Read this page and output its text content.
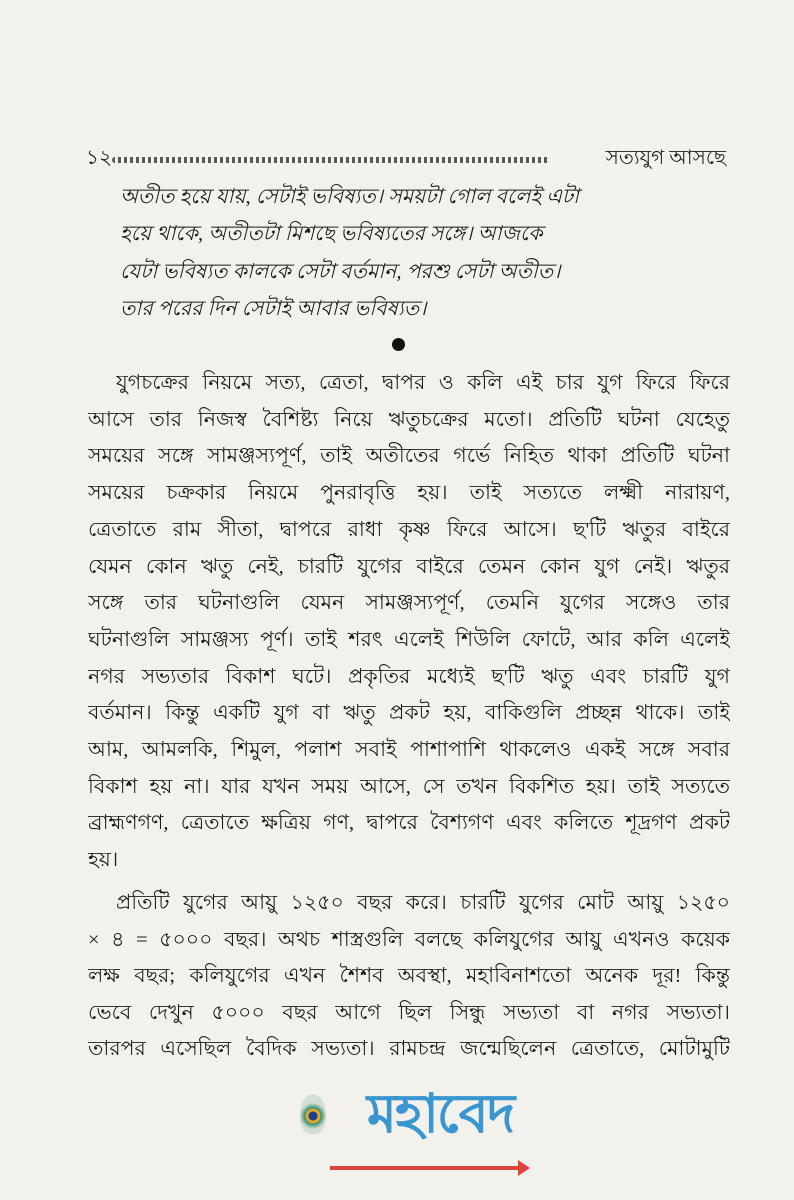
১২	সত্যযুগ আসছে
অতীত হয়ে যায়, সেটাই ভবিষ্যত। সময়টা গোল বলেই এটা
হয়ে থাকে, অতীতটা মিশছে ভবিষ্যতের সঙ্গে। আজকে
যেটা ভবিষ্যত কালকে সেটা বর্তমান, পরশু সেটা অতীত।
তার পরের দিন সেটাই আবার ভবিষ্যত।
যুগচক্রের নিয়মে সত্য, ত্রেতা, দ্বাপর ও কলি এই চার যুগ ফিরে ফিরে
আসে তার নিজস্ব বৈশিষ্ট্য নিয়ে ঋতুচক্রের মতো। প্রতিটি ঘটনা যেহেতু
সময়ের সঙ্গে সামঞ্জস্যপূর্ণ, তাই অতীতের গর্ভে নিহিত থাকা প্রতিটি ঘটনা
সময়ের চক্রকার নিয়মে পুনরাবৃত্তি হয়। তাই সত্যতে লক্ষ্মী নারায়ণ,
ত্রেতাতে রাম সীতা, দ্বাপরে রাধা কৃষ্ণ ফিরে আসে। ছ'টি ঋতুর বাইরে
যেমন কোন ঋতু নেই, চারটি যুগের বাইরে তেমন কোন যুগ নেই। ঋতুর
সঙ্গে তার ঘটনাগুলি যেমন সামঞ্জস্যপূর্ণ, তেমনি যুগের সঙ্গেও তার
ঘটনাগুলি সামঞ্জস্য পূর্ণ। তাই শরৎ এলেই শিউলি ফোটে, আর কলি এলেই
নগর সভ্যতার বিকাশ ঘটে। প্রকৃতির মধ্যেই ছ'টি ঋতু এবং চারটি যুগ
বর্তমান। কিন্তু একটি যুগ বা ঋতু প্রকট হয়, বাকিগুলি প্রচ্ছন্ন থাকে। তাই
আম, আমলকি, শিমুল, পলাশ সবাই পাশাপাশি থাকলেও একই সঙ্গে সবার
বিকাশ হয় না। যার যখন সময় আসে, সে তখন বিকশিত হয়। তাই সত্যতে
ব্রাহ্মণগণ, ত্রেতাতে ক্ষত্রিয় গণ, দ্বাপরে বৈশ্যগণ এবং কলিতে শূদ্রগণ প্রকট
হয়।
প্রতিটি যুগের আয়ু ১২৫০ বছর করে। চারটি যুগের মোট আয়ু ১২৫০
× ৪ = ৫০০০ বছর। অথচ শাস্ত্রগুলি বলছে কলিযুগের আয়ু এখনও কয়েক
লক্ষ বছর; কলিযুগের এখন শৈশব অবস্থা, মহাবিনাশতো অনেক দূর! কিন্তু
ভেবে দেখুন ৫০০০ বছর আগে ছিল সিন্ধু সভ্যতা বা নগর সভ্যতা।
তারপর এসেছিল বৈদিক সভ্যতা। রামচন্দ্র জন্মেছিলেন ত্রেতাতে, মোটামুটি
মহাবেদ
